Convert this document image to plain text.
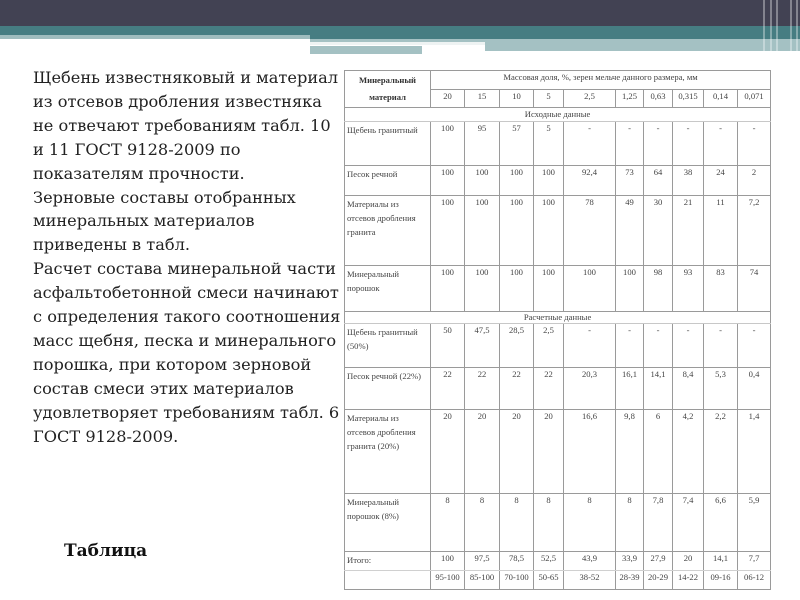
Щебень известняковый и материал из отсевов дробления известняка не отвечают требованиям табл. 10 и 11 ГОСТ 9128-2009 по показателям прочности.

Зерновые составы отобранных минеральных материалов приведены в табл.

Расчет состава минеральной части асфальтобетонной смеси начинают с определения такого соотношения масс щебня, песка и минерального порошка, при котором зерновой состав смеси этих материалов удовлетворяет требованиям табл. 6 ГОСТ 9128-2009.

Таблица
Минеральный материал	Массовая доля, %, зерен мельче данного размера, мм									
	20	15	10	5	2,5	1,25	0,63	0,315	0,14	0,071
Исходные данные										
Щебень гранитный	100	95	57	5	-	-	-	-	-	-
Песок речной	100	100	100	100	92,4	73	64	38	24	2
Материалы из отсевов дробления гранита	100	100	100	100	78	49	30	21	11	7,2
Минеральный порошок	100	100	100	100	100	100	98	93	83	74
Расчетные данные										
Щебень гранитный (50%)	50	47,5	28,5	2,5	-	-	-	-	-	-
Песок речной (22%)	22	22	22	22	20,3	16,1	14,1	8,4	5,3	0,4
Материалы из отсевов дробления гранита (20%)	20	20	20	20	16,6	9,8	6	4,2	2,2	1,4
Минеральный порошок (8%)	8	8	8	8	8	8	7,8	7,4	6,6	5,9
Итого:	100	97,5	78,5	52,5	43,9	33,9	27,9	20	14,1	7,7
	95-100	85-100	70-100	50-65	38-52	28-39	20-29	14-22	09-16	06-12
